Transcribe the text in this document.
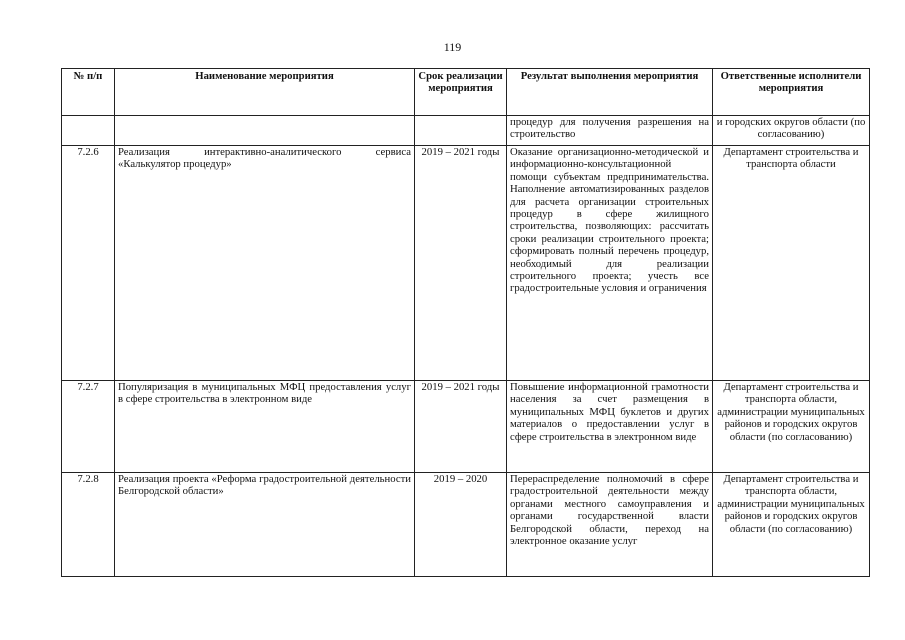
119
№ п/п	Наименование мероприятия	Срок реализации мероприятия	Результат выполнения мероприятия	Ответственные исполнители мероприятия
			процедур для получения разрешения на строительство	и городских округов области (по согласованию)
7.2.6	Реализация интерактивно-аналитического сервиса «Калькулятор процедур»	2019 – 2021 годы	Оказание организационно-методической и информационно-консультационной помощи субъектам предпринимательства. Наполнение автоматизированных разделов для расчета организации строительных процедур в сфере жилищного строительства, позволяющих: рассчитать сроки реализации строительного проекта; сформировать полный перечень процедур, необходимый для реализации строительного проекта; учесть все градостроительные условия и ограничения	Департамент строительства и транспорта области
7.2.7	Популяризация в муниципальных МФЦ предоставления услуг в сфере строительства в электронном виде	2019 – 2021 годы	Повышение информационной грамотности населения за счет размещения в муниципальных МФЦ буклетов и других материалов о предоставлении услуг в сфере строительства в электронном виде	Департамент строительства и транспорта области, администрации муниципальных районов и городских округов области (по согласованию)
7.2.8	Реализация проекта «Реформа градостроительной деятельности Белгородской области»	2019 – 2020	Перераспределение полномочий в сфере градостроительной деятельности между органами местного самоуправления и органами государственной власти Белгородской области, переход на электронное оказание услуг	Департамент строительства и транспорта области, администрации муниципальных районов и городских округов области (по согласованию)
